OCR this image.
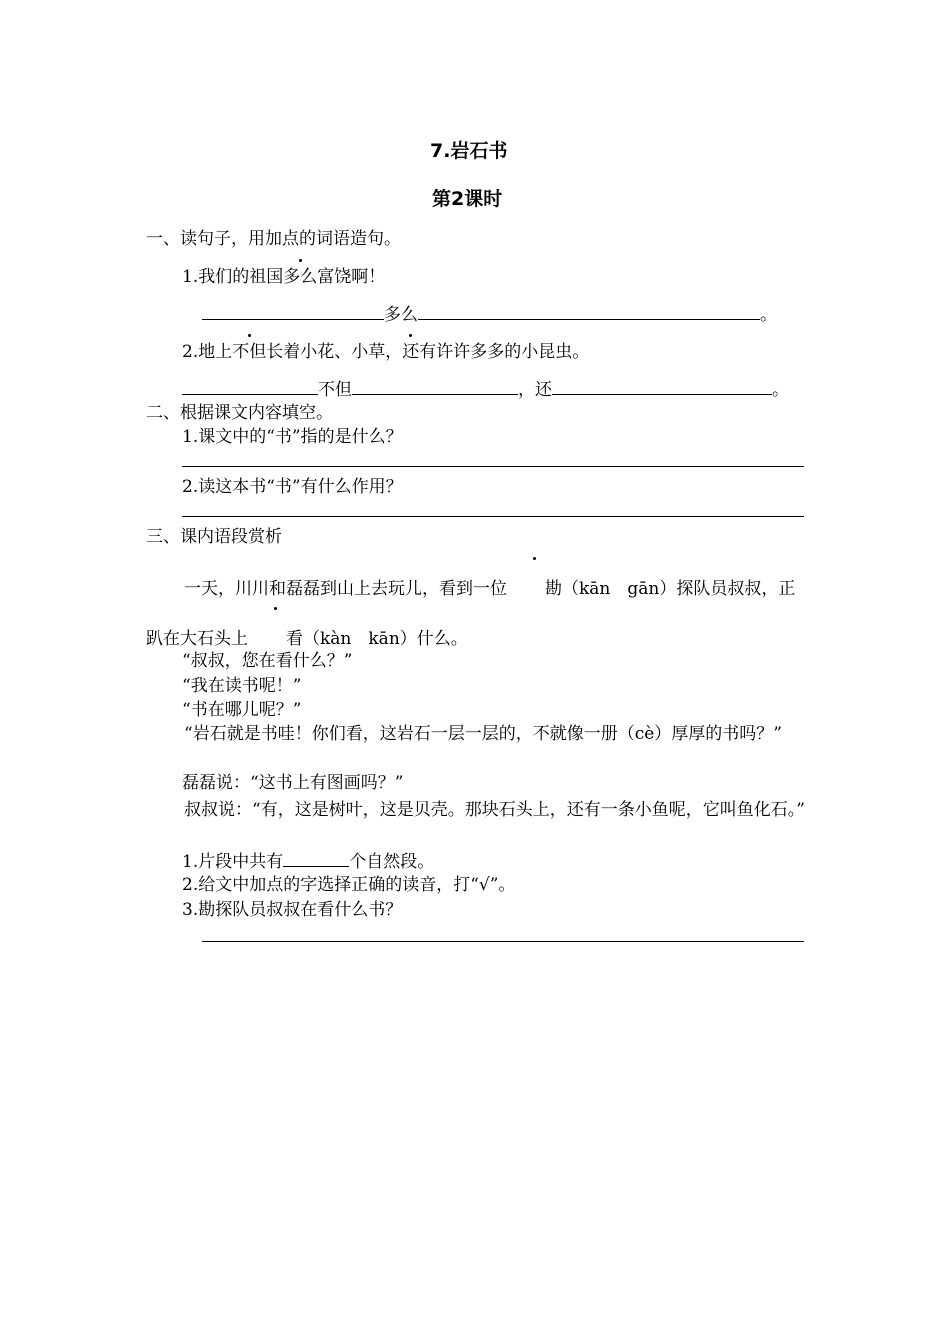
7.岩石书
第2课时
一、读句子，用加点的词语造句。
1.我们的祖国多么富饶啊！
多么	。
2.地上不但长着小花、小草，还有许许多多的小昆虫。
不但	，还	。
二、根据课文内容填空。
1.课文中的“书”指的是什么？
2.读这本书“书”有什么作用？
三、课内语段赏析
一天，川川和磊磊到山上去玩儿，看到一位 勘（kān　gān）探队员叔叔，正趴在大石头上 看（kàn　kān）什么。
“叔叔，您在看什么？”
“我在读书呢！”
“书在哪儿呢？”
“岩石就是书哇！你们看，这岩石一层一层的，不就像一册（cè）厚厚的书吗？”
磊磊说：“这书上有图画吗？”
叔叔说：“有，这是树叶，这是贝壳。那块石头上，还有一条小鱼呢，它叫鱼化石。”
1.片段中共有	个自然段。
2.给文中加点的字选择正确的读音，打“√”。
3.勘探队员叔叔在看什么书？
